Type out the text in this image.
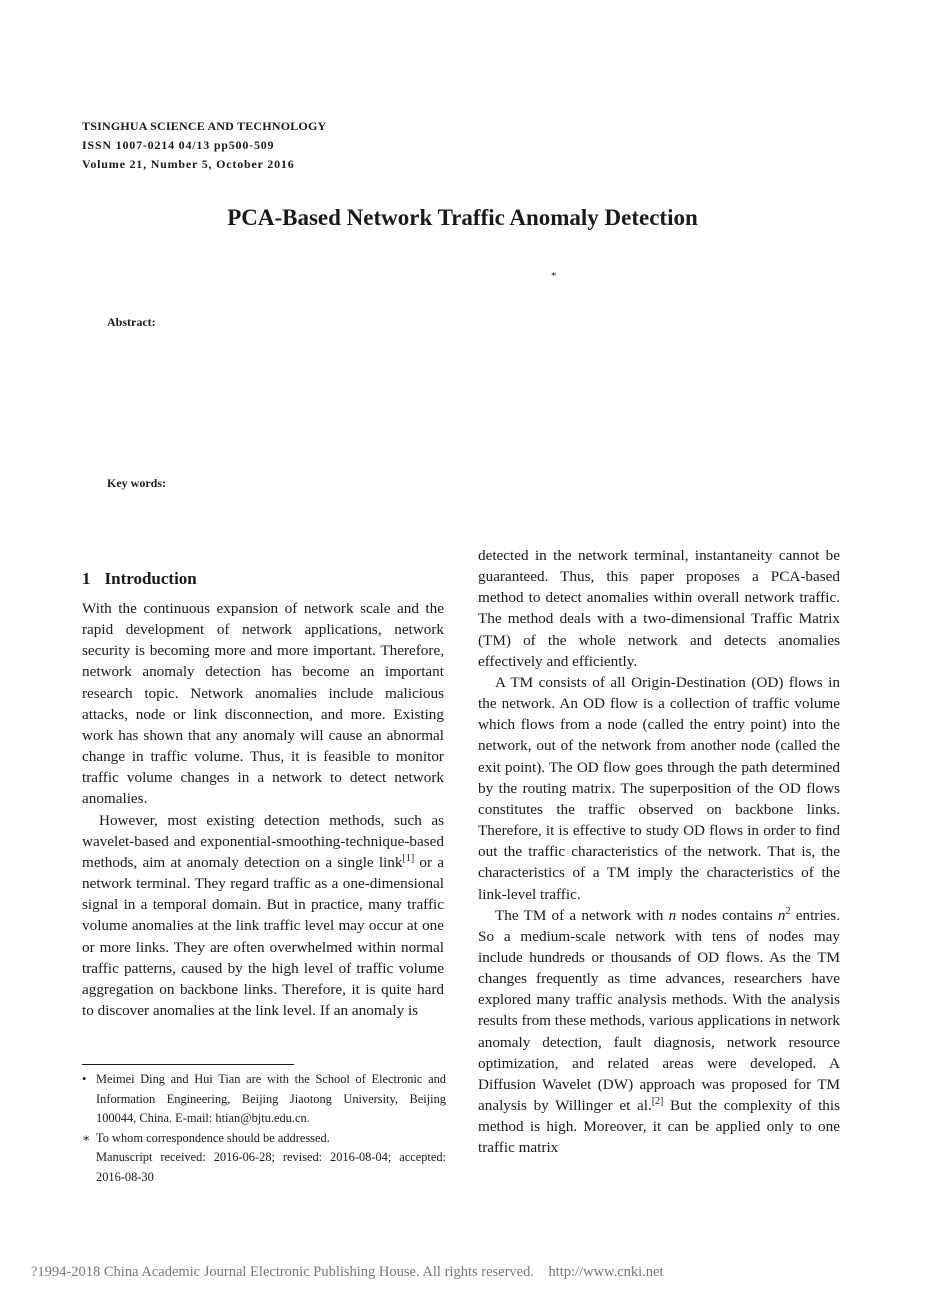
TSINGHUA SCIENCE AND TECHNOLOGY
ISSN 1007-0214 04/13 pp500-509
Volume 21, Number 5, October 2016
PCA-Based Network Traffic Anomaly Detection
*
Abstract:
Key words:
1 Introduction

With the continuous expansion of network scale and the rapid development of network applications, network security is becoming more and more important. Therefore, network anomaly detection has become an important research topic. Network anomalies include malicious attacks, node or link disconnection, and more. Existing work has shown that any anomaly will cause an abnormal change in traffic volume. Thus, it is feasible to monitor traffic volume changes in a network to detect network anomalies.

However, most existing detection methods, such as wavelet-based and exponential-smoothing-technique-based methods, aim at anomaly detection on a single link[1] or a network terminal. They regard traffic as a one-dimensional signal in a temporal domain. But in practice, many traffic volume anomalies at the link traffic level may occur at one or more links. They are often overwhelmed within normal traffic patterns, caused by the high level of traffic volume aggregation on backbone links. Therefore, it is quite hard to discover anomalies at the link level. If an anomaly is

detected in the network terminal, instantaneity cannot be guaranteed. Thus, this paper proposes a PCA-based method to detect anomalies within overall network traffic. The method deals with a two-dimensional Traffic Matrix (TM) of the whole network and detects anomalies effectively and efficiently.

A TM consists of all Origin-Destination (OD) flows in the network. An OD flow is a collection of traffic volume which flows from a node (called the entry point) into the network, out of the network from another node (called the exit point). The OD flow goes through the path determined by the routing matrix. The superposition of the OD flows constitutes the traffic observed on backbone links. Therefore, it is effective to study OD flows in order to find out the traffic characteristics of the network. That is, the characteristics of a TM imply the characteristics of the link-level traffic.

The TM of a network with n nodes contains $n^2$ entries. So a medium-scale network with tens of nodes may include hundreds or thousands of OD flows. As the TM changes frequently as time advances, researchers have explored many traffic analysis methods. With the analysis results from these methods, various applications in network anomaly detection, fault diagnosis, network resource optimization, and related areas were developed. A Diffusion Wavelet (DW) approach was proposed for TM analysis by Willinger et al.[2] But the complexity of this method is high. Moreover, it can be applied only to one traffic matrix

• Meimei Ding and Hui Tian are with the School of Electronic and Information Engineering, Beijing Jiaotong University, Beijing 100044, China. E-mail: htian@bjtu.edu.cn.
∗ To whom correspondence should be addressed.
Manuscript received: 2016-06-28; revised: 2016-08-04; accepted: 2016-08-30
?1994-2018 China Academic Journal Electronic Publishing House. All rights reserved.    http://www.cnki.net
